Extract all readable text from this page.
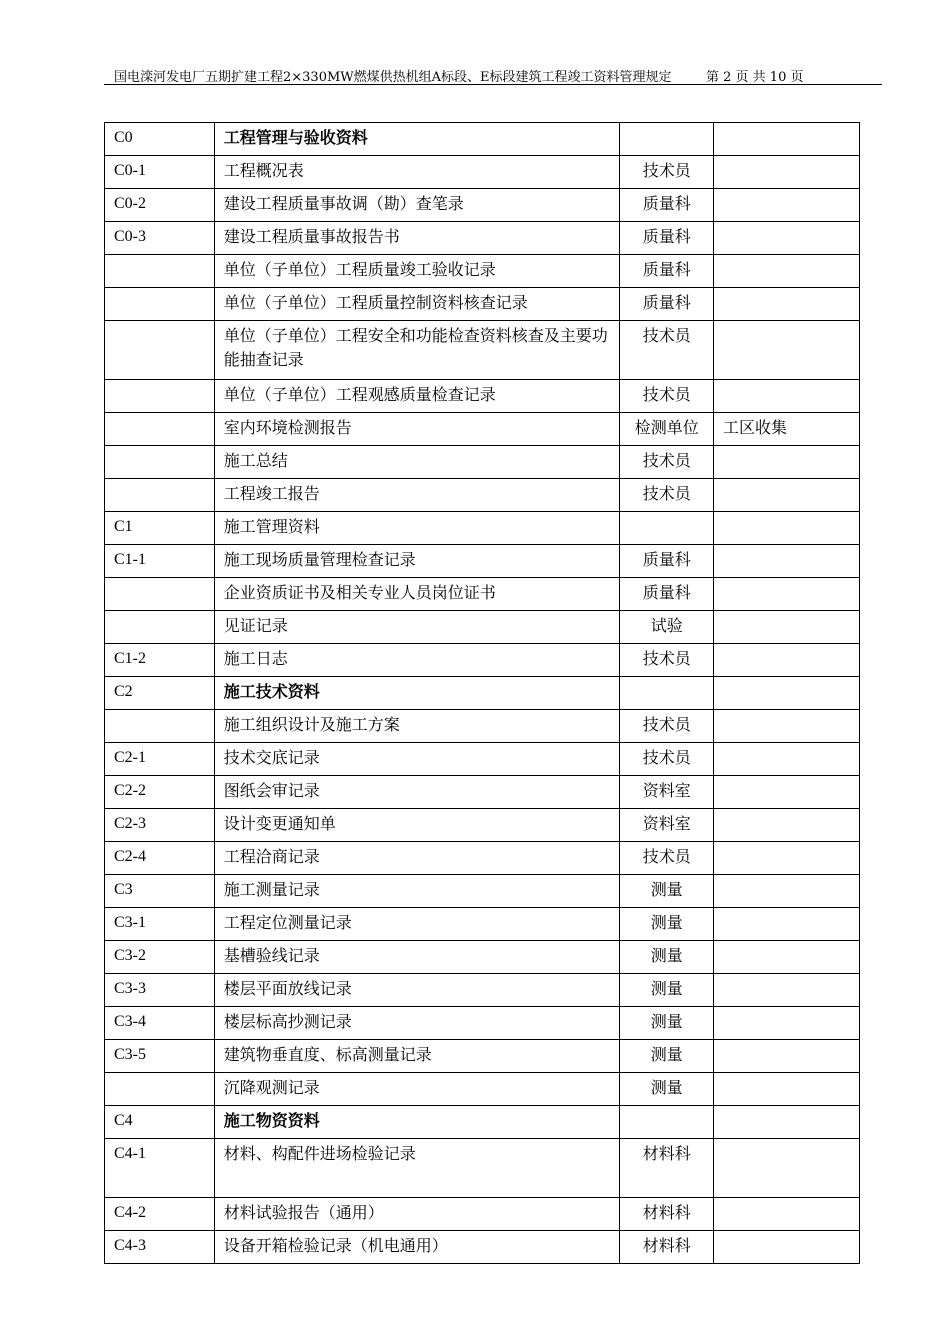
国电滦河发电厂五期扩建工程2×330MW燃煤供热机组A标段、E标段建筑工程竣工资料管理规定	第 2 页 共 10 页
C0	工程管理与验收资料		
C0-1	工程概况表	技术员	
C0-2	建设工程质量事故调（勘）查笔录	质量科	
C0-3	建设工程质量事故报告书	质量科	
	单位（子单位）工程质量竣工验收记录	质量科	
	单位（子单位）工程质量控制资料核查记录	质量科	
	单位（子单位）工程安全和功能检查资料核查及主要功能抽查记录	技术员	
	单位（子单位）工程观感质量检查记录	技术员	
	室内环境检测报告	检测单位	工区收集
	施工总结	技术员	
	工程竣工报告	技术员	
C1	施工管理资料		
C1-1	施工现场质量管理检查记录	质量科	
	企业资质证书及相关专业人员岗位证书	质量科	
	见证记录	试验	
C1-2	施工日志	技术员	
C2	施工技术资料		
	施工组织设计及施工方案	技术员	
C2-1	技术交底记录	技术员	
C2-2	图纸会审记录	资料室	
C2-3	设计变更通知单	资料室	
C2-4	工程洽商记录	技术员	
C3	施工测量记录	测量	
C3-1	工程定位测量记录	测量	
C3-2	基槽验线记录	测量	
C3-3	楼层平面放线记录	测量	
C3-4	楼层标高抄测记录	测量	
C3-5	建筑物垂直度、标高测量记录	测量	
	沉降观测记录	测量	
C4	施工物资资料		
C4-1	材料、构配件进场检验记录	材料科	
C4-2	材料试验报告（通用）	材料科	
C4-3	设备开箱检验记录（机电通用）	材料科	
